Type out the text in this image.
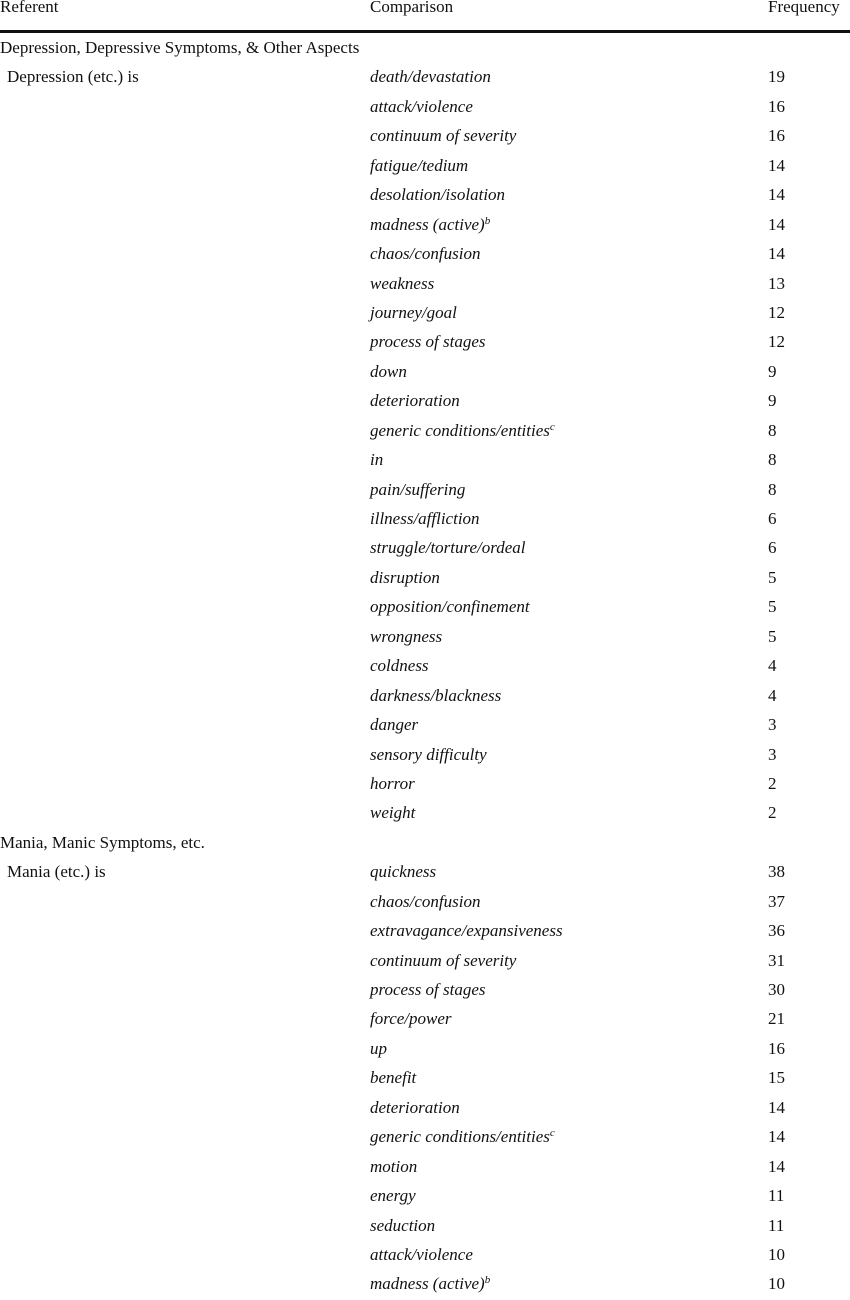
Referent	Comparison	Frequency
Depression, Depressive Symptoms, & Other Aspects
Depression (etc.) is	death/devastation	19
attack/violence	16
continuum of severity	16
fatigue/tedium	14
desolation/isolation	14
madness (active)$^b$	14
chaos/confusion	14
weakness	13
journey/goal	12
process of stages	12
down	9
deterioration	9
generic conditions/entities$^c$	8
in	8
pain/suffering	8
illness/affliction	6
struggle/torture/ordeal	6
disruption	5
opposition/confinement	5
wrongness	5
coldness	4
darkness/blackness	4
danger	3
sensory difficulty	3
horror	2
weight	2
Mania, Manic Symptoms, etc.
Mania (etc.) is	quickness	38
chaos/confusion	37
extravagance/expansiveness	36
continuum of severity	31
process of stages	30
force/power	21
up	16
benefit	15
deterioration	14
generic conditions/entities$^c$	14
motion	14
energy	11
seduction	11
attack/violence	10
madness (active)$^b$	10
